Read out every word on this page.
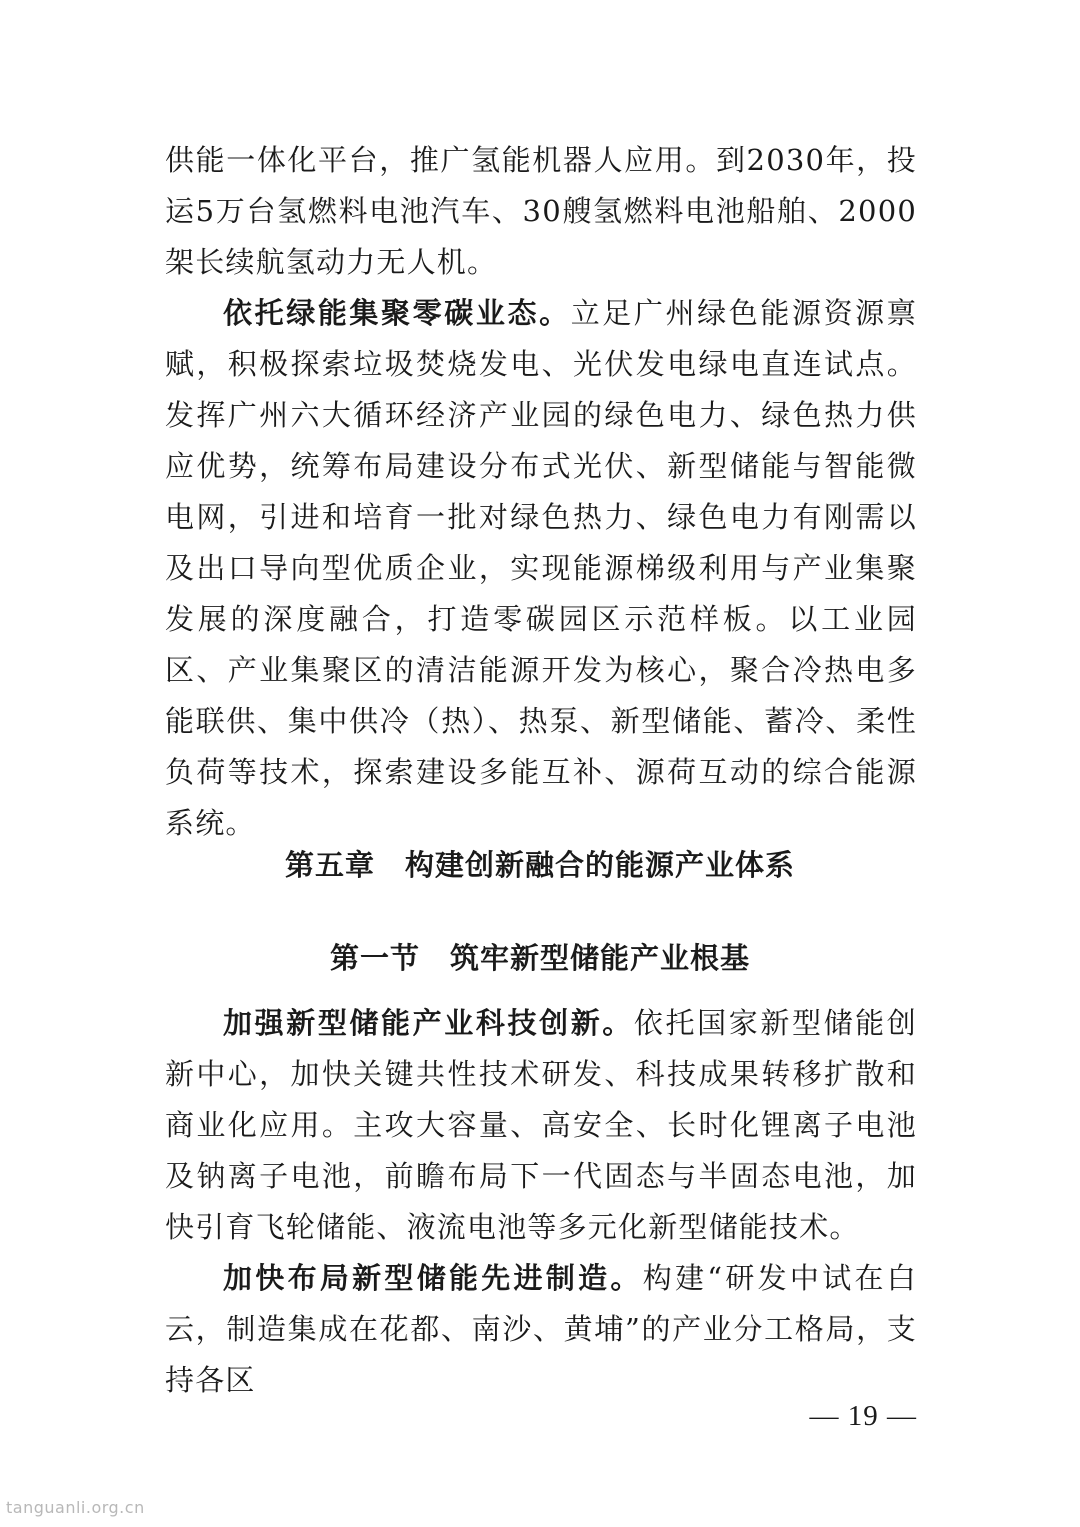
供能一体化平台，推广氢能机器人应用。到2030年，投运5万台氢燃料电池汽车、30艘氢燃料电池船舶、2000架长续航氢动力无人机。

依托绿能集聚零碳业态。立足广州绿色能源资源禀赋，积极探索垃圾焚烧发电、光伏发电绿电直连试点。发挥广州六大循环经济产业园的绿色电力、绿色热力供应优势，统筹布局建设分布式光伏、新型储能与智能微电网，引进和培育一批对绿色热力、绿色电力有刚需以及出口导向型优质企业，实现能源梯级利用与产业集聚发展的深度融合，打造零碳园区示范样板。以工业园区、产业集聚区的清洁能源开发为核心，聚合冷热电多能联供、集中供冷（热）、热泵、新型储能、蓄冷、柔性负荷等技术，探索建设多能互补、源荷互动的综合能源系统。

第五章　构建创新融合的能源产业体系
第一节　筑牢新型储能产业根基

加强新型储能产业科技创新。依托国家新型储能创新中心，加快关键共性技术研发、科技成果转移扩散和商业化应用。主攻大容量、高安全、长时化锂离子电池及钠离子电池，前瞻布局下一代固态与半固态电池，加快引育飞轮储能、液流电池等多元化新型储能技术。

加快布局新型储能先进制造。构建“研发中试在白云，制造集成在花都、南沙、黄埔”的产业分工格局，支持各区

— 19 —
tanguanli.org.cn
